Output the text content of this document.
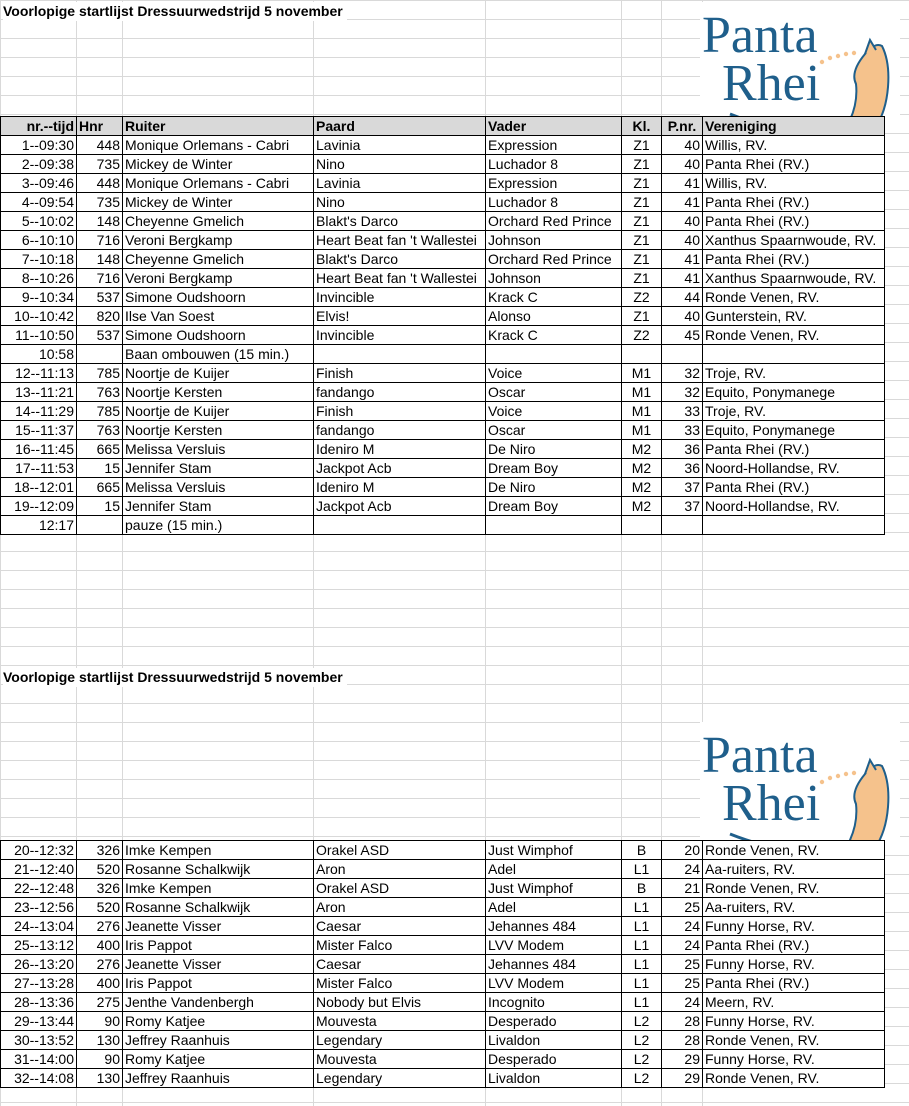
Voorlopige startlijst Dressuurwedstrijd 5 november	Panta
Rhei
nr.--tijd	Hnr	Ruiter	Paard	Vader	Kl.	P.nr.	Vereniging
1--09:30	448	Monique Orlemans - Cabri	Lavinia	Expression	Z1	40	Willis, RV.
2--09:38	735	Mickey de Winter	Nino	Luchador 8	Z1	40	Panta Rhei (RV.)
3--09:46	448	Monique Orlemans - Cabri	Lavinia	Expression	Z1	41	Willis, RV.
4--09:54	735	Mickey de Winter	Nino	Luchador 8	Z1	41	Panta Rhei (RV.)
5--10:02	148	Cheyenne Gmelich	Blakt's Darco	Orchard Red Prince	Z1	40	Panta Rhei (RV.)
6--10:10	716	Veroni Bergkamp	Heart Beat fan 't Wallestei	Johnson	Z1	40	Xanthus Spaarnwoude, RV.
7--10:18	148	Cheyenne Gmelich	Blakt's Darco	Orchard Red Prince	Z1	41	Panta Rhei (RV.)
8--10:26	716	Veroni Bergkamp	Heart Beat fan 't Wallestei	Johnson	Z1	41	Xanthus Spaarnwoude, RV.
9--10:34	537	Simone Oudshoorn	Invincible	Krack C	Z2	44	Ronde Venen, RV.
10--10:42	820	Ilse Van Soest	Elvis!	Alonso	Z1	40	Gunterstein, RV.
11--10:50	537	Simone Oudshoorn	Invincible	Krack C	Z2	45	Ronde Venen, RV.
10:58		Baan ombouwen (15 min.)					
12--11:13	785	Noortje de Kuijer	Finish	Voice	M1	32	Troje, RV.
13--11:21	763	Noortje Kersten	fandango	Oscar	M1	32	Equito, Ponymanege
14--11:29	785	Noortje de Kuijer	Finish	Voice	M1	33	Troje, RV.
15--11:37	763	Noortje Kersten	fandango	Oscar	M1	33	Equito, Ponymanege
16--11:45	665	Melissa Versluis	Ideniro M	De Niro	M2	36	Panta Rhei (RV.)
17--11:53	15	Jennifer Stam	Jackpot Acb	Dream Boy	M2	36	Noord-Hollandse, RV.
18--12:01	665	Melissa Versluis	Ideniro M	De Niro	M2	37	Panta Rhei (RV.)
19--12:09	15	Jennifer Stam	Jackpot Acb	Dream Boy	M2	37	Noord-Hollandse, RV.
12:17		pauze (15 min.)					
Voorlopige startlijst Dressuurwedstrijd 5 november
Panta
Rhei
20--12:32	326	Imke Kempen	Orakel ASD	Just Wimphof	B	20	Ronde Venen, RV.
21--12:40	520	Rosanne Schalkwijk	Aron	Adel	L1	24	Aa-ruiters, RV.
22--12:48	326	Imke Kempen	Orakel ASD	Just Wimphof	B	21	Ronde Venen, RV.
23--12:56	520	Rosanne Schalkwijk	Aron	Adel	L1	25	Aa-ruiters, RV.
24--13:04	276	Jeanette Visser	Caesar	Jehannes 484	L1	24	Funny Horse, RV.
25--13:12	400	Iris Pappot	Mister Falco	LVV Modem	L1	24	Panta Rhei (RV.)
26--13:20	276	Jeanette Visser	Caesar	Jehannes 484	L1	25	Funny Horse, RV.
27--13:28	400	Iris Pappot	Mister Falco	LVV Modem	L1	25	Panta Rhei (RV.)
28--13:36	275	Jenthe Vandenbergh	Nobody but Elvis	Incognito	L1	24	Meern, RV.
29--13:44	90	Romy Katjee	Mouvesta	Desperado	L2	28	Funny Horse, RV.
30--13:52	130	Jeffrey Raanhuis	Legendary	Livaldon	L2	28	Ronde Venen, RV.
31--14:00	90	Romy Katjee	Mouvesta	Desperado	L2	29	Funny Horse, RV.
32--14:08	130	Jeffrey Raanhuis	Legendary	Livaldon	L2	29	Ronde Venen, RV.
